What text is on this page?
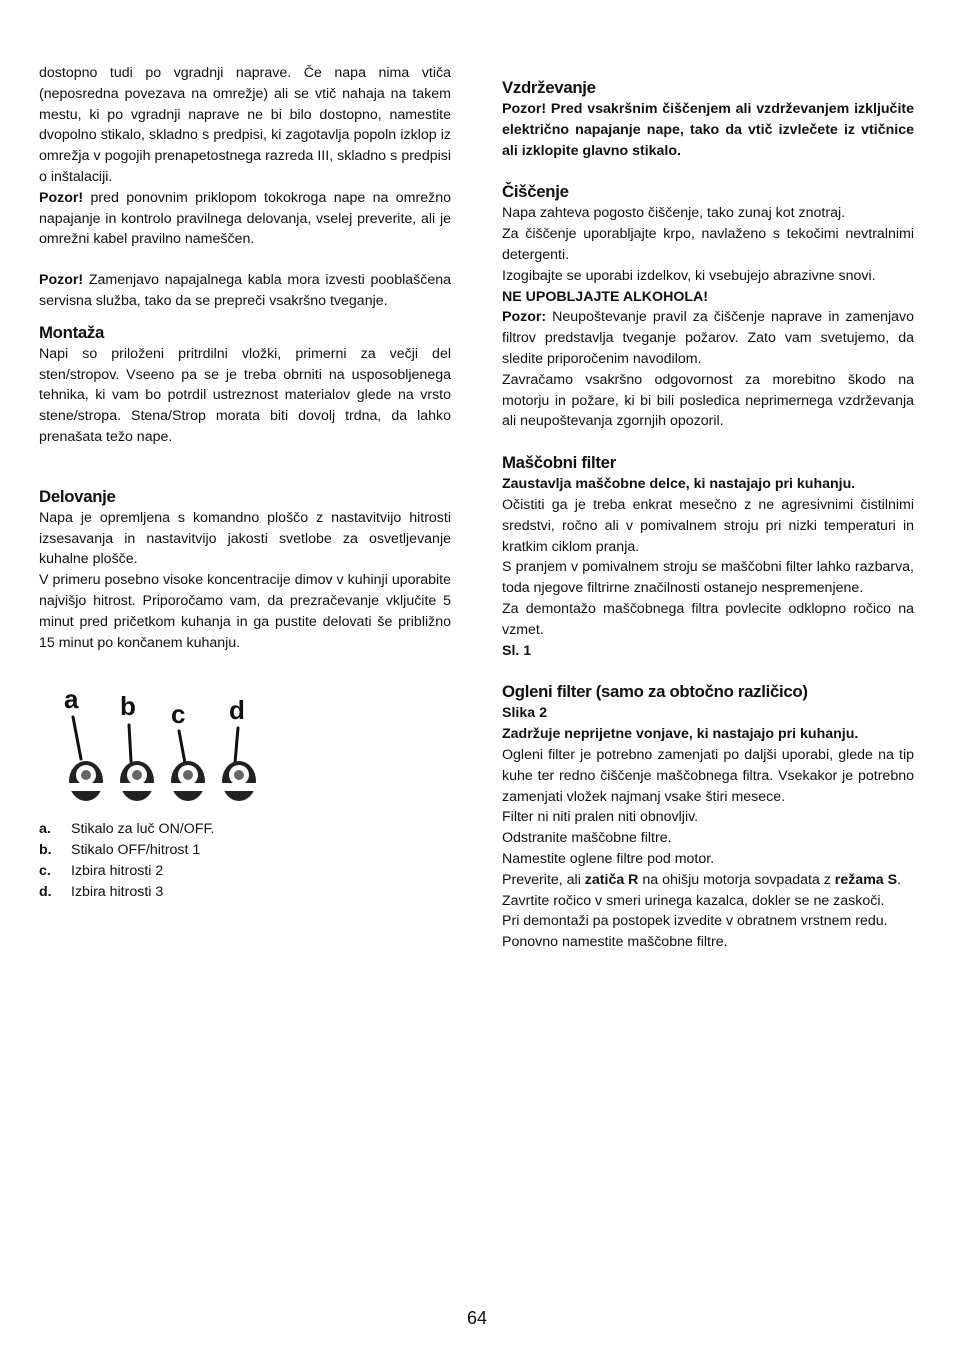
dostopno tudi po vgradnji naprave. Če napa nima vtiča (neposredna povezava na omrežje) ali se vtič nahaja na takem mestu, ki po vgradnji naprave ne bi bilo dostopno, namestite dvopolno stikalo, skladno s predpisi, ki zagotavlja popoln izklop iz omrežja v pogojih prenapetostnega razreda III, skladno s predpisi o inštalaciji.

Pozor! pred ponovnim priklopom tokokroga nape na omrežno napajanje in kontrolo pravilnega delovanja, vselej preverite, ali je omrežni kabel pravilno nameščen.

Pozor! Zamenjavo napajalnega kabla mora izvesti pooblaščena servisna služba, tako da se prepreči vsakršno tveganje.

Montaža

Napi so priloženi pritrdilni vložki, primerni za večji del sten/stropov. Vseeno pa se je treba obrniti na usposobljenega tehnika, ki vam bo potrdil ustreznost materialov glede na vrsto stene/stropa. Stena/Strop morata biti dovolj trdna, da lahko prenašata težo nape.

Delovanje

Napa je opremljena s komandno ploščo z nastavitvijo hitrosti izsesavanja in nastavitvijo jakosti svetlobe za osvetljevanje kuhalne plošče.

V primeru posebno visoke koncentracije dimov v kuhinji uporabite najvišjo hitrost. Priporočamo vam, da prezračevanje vključite 5 minut pred pričetkom kuhanja in ga pustite delovati še približno 15 minut po končanem kuhanju.

a b c d
a.	Stikalo za luč ON/OFF.
b.	Stikalo OFF/hitrost 1
c.	Izbira hitrosti 2
d.	Izbira hitrosti 3
Vzdrževanje

Pozor! Pred vsakršnim čiščenjem ali vzdrževanjem izključite električno napajanje nape, tako da vtič izvlečete iz vtičnice ali izklopite glavno stikalo.

Čiščenje

Napa zahteva pogosto čiščenje, tako zunaj kot znotraj.

Za čiščenje uporabljajte krpo, navlaženo s tekočimi nevtralnimi detergenti.

Izogibajte se uporabi izdelkov, ki vsebujejo abrazivne snovi.

NE UPOBLJAJTE ALKOHOLA!

Pozor: Neupoštevanje pravil za čiščenje naprave in zamenjavo filtrov predstavlja tveganje požarov. Zato vam svetujemo, da sledite priporočenim navodilom.

Zavračamo vsakršno odgovornost za morebitno škodo na motorju in požare, ki bi bili posledica neprimernega vzdrževanja ali neupoštevanja zgornjih opozoril.

Maščobni filter

Zaustavlja maščobne delce, ki nastajajo pri kuhanju.

Očistiti ga je treba enkrat mesečno z ne agresivnimi čistilnimi sredstvi, ročno ali v pomivalnem stroju pri nizki temperaturi in kratkim ciklom pranja.

S pranjem v pomivalnem stroju se maščobni filter lahko razbarva, toda njegove filtrirne značilnosti ostanejo nespremenjene.

Za demontažo maščobnega filtra povlecite odklopno ročico na vzmet.

Sl. 1

Ogleni filter (samo za obtočno različico)

Slika 2

Zadržuje neprijetne vonjave, ki nastajajo pri kuhanju.

Ogleni filter je potrebno zamenjati po daljši uporabi, glede na tip kuhe ter redno čiščenje maščobnega filtra. Vsekakor je potrebno zamenjati vložek najmanj vsake štiri mesece.

Filter ni niti pralen niti obnovljiv.

Odstranite maščobne filtre.

Namestite oglene filtre pod motor.

Preverite, ali zatiča R na ohišju motorja sovpadata z režama S. Zavrtite ročico v smeri urinega kazalca, dokler se ne zaskoči.

Pri demontaži pa postopek izvedite v obratnem vrstnem redu.

Ponovno namestite maščobne filtre.

64
